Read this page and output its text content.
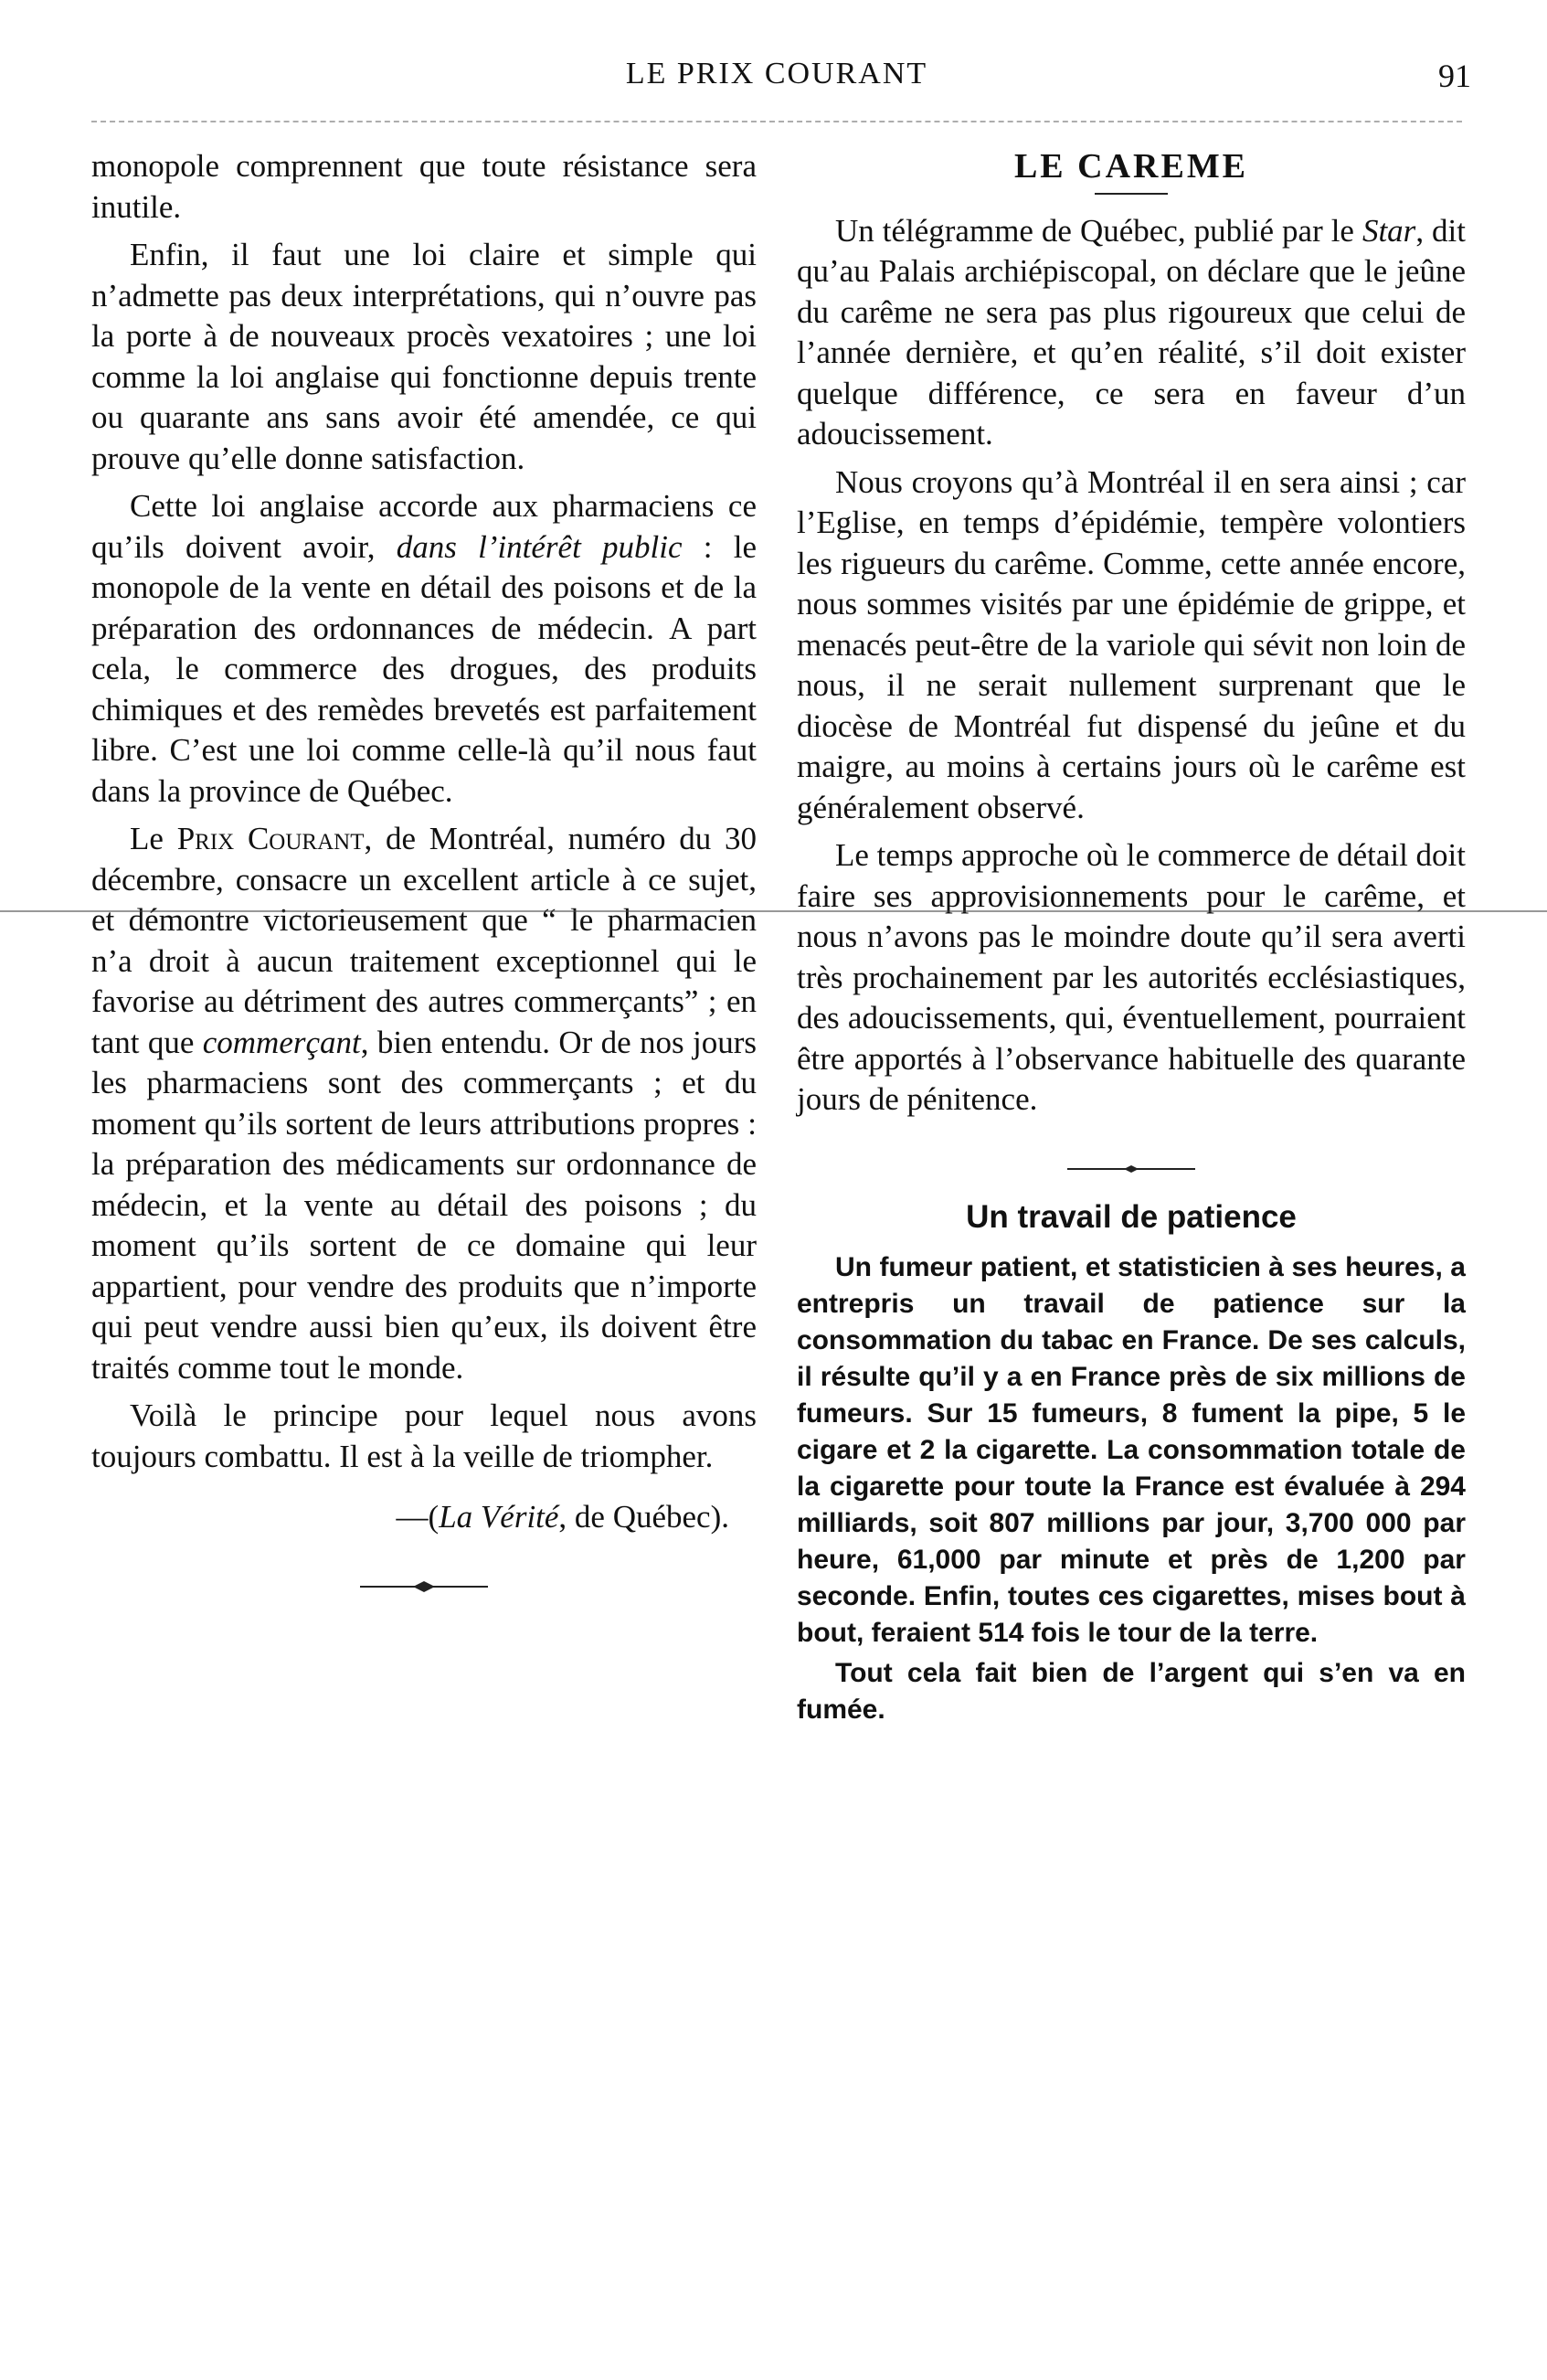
LE PRIX COURANT	91

monopole comprennent que toute résistance sera inutile.

Enfin, il faut une loi claire et simple qui n’admette pas deux interprétations, qui n’ouvre pas la porte à de nouveaux procès vexatoires ; une loi comme la loi anglaise qui fonctionne depuis trente ou quarante ans sans avoir été amendée, ce qui prouve qu’elle donne satisfaction.

Cette loi anglaise accorde aux pharmaciens ce qu’ils doivent avoir, dans l’intérêt public : le monopole de la vente en détail des poisons et de la préparation des ordonnances de médecin. A part cela, le commerce des drogues, des produits chimiques et des remèdes brevetés est parfaitement libre. C’est une loi comme celle-là qu’il nous faut dans la province de Québec.

Le Prix Courant, de Montréal, numéro du 30 décembre, consacre un excellent article à ce sujet, et démontre victorieusement que “ le pharmacien n’a droit à aucun traitement exceptionnel qui le favorise au détriment des autres commerçants” ; en tant que commerçant, bien entendu. Or de nos jours les pharmaciens sont des commerçants ; et du moment qu’ils sortent de leurs attributions propres : la préparation des médicaments sur ordonnance de médecin, et la vente au détail des poisons ; du moment qu’ils sortent de ce domaine qui leur appartient, pour vendre des produits que n’importe qui peut vendre aussi bien qu’eux, ils doivent être traités comme tout le monde.

Voilà le principe pour lequel nous avons toujours combattu. Il est à la veille de triompher.

—(La Vérité, de Québec).

LE CAREME

Un télégramme de Québec, publié par le Star, dit qu’au Palais archiépiscopal, on déclare que le jeûne du carême ne sera pas plus rigoureux que celui de l’année dernière, et qu’en réalité, s’il doit exister quelque différence, ce sera en faveur d’un adoucissement.

Nous croyons qu’à Montréal il en sera ainsi ; car l’Eglise, en temps d’épidémie, tempère volontiers les rigueurs du carême. Comme, cette année encore, nous sommes visités par une épidémie de grippe, et menacés peut-être de la variole qui sévit non loin de nous, il ne serait nullement surprenant que le diocèse de Montréal fut dispensé du jeûne et du maigre, au moins à certains jours où le carême est généralement observé.

Le temps approche où le commerce de détail doit faire ses approvisionnements pour le carême, et nous n’avons pas le moindre doute qu’il sera averti très prochainement par les autorités ecclésiastiques, des adoucissements, qui, éventuellement, pourraient être apportés à l’observance habituelle des quarante jours de pénitence.

Un travail de patience

Un fumeur patient, et statisticien à ses heures, a entrepris un travail de patience sur la consommation du tabac en France. De ses calculs, il résulte qu’il y a en France près de six millions de fumeurs. Sur 15 fumeurs, 8 fument la pipe, 5 le cigare et 2 la cigarette. La consommation totale de la cigarette pour toute la France est évaluée à 294 milliards, soit 807 millions par jour, 3,700 000 par heure, 61,000 par minute et près de 1,200 par seconde. Enfin, toutes ces cigarettes, mises bout à bout, feraient 514 fois le tour de la terre.

Tout cela fait bien de l’argent qui s’en va en fumée.
